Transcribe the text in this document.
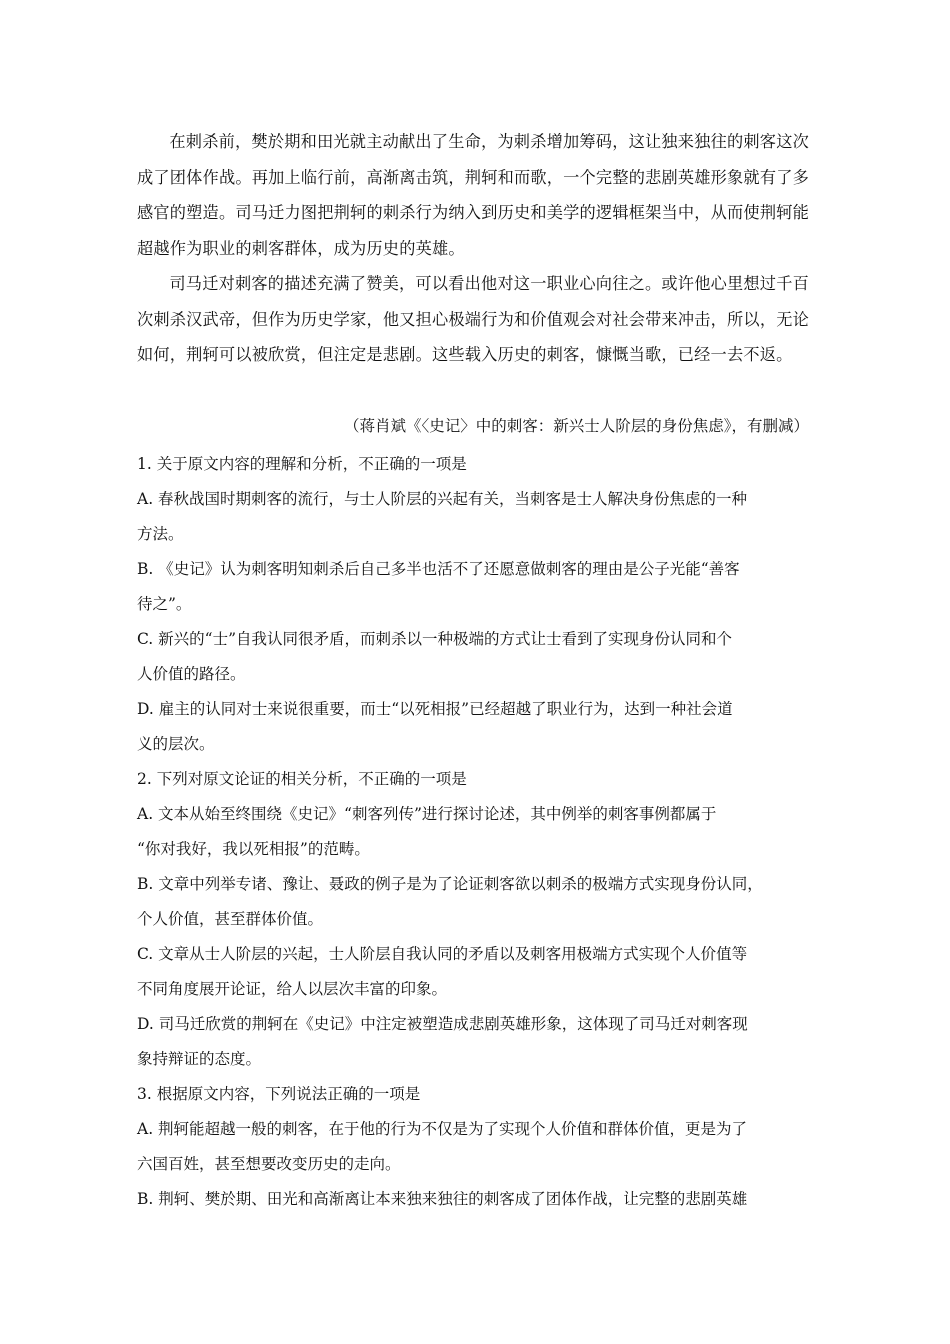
在刺杀前，樊於期和田光就主动献出了生命，为刺杀增加筹码，这让独来独往的刺客这次成了团体作战。再加上临行前，高渐离击筑，荆轲和而歌，一个完整的悲剧英雄形象就有了多感官的塑造。司马迁力图把荆轲的刺杀行为纳入到历史和美学的逻辑框架当中，从而使荆轲能超越作为职业的刺客群体，成为历史的英雄。

司马迁对刺客的描述充满了赞美，可以看出他对这一职业心向往之。或许他心里想过千百次刺杀汉武帝，但作为历史学家，他又担心极端行为和价值观会对社会带来冲击，所以，无论如何，荆轲可以被欣赏，但注定是悲剧。这些载入历史的刺客，慷慨当歌，已经一去不返。

（蒋肖斌《〈史记〉中的刺客：新兴士人阶层的身份焦虑》，有删减）
1. 关于原文内容的理解和分析，不正确的一项是
A. 春秋战国时期刺客的流行，与士人阶层的兴起有关，当刺客是士人解决身份焦虑的一种
方法。
B. 《史记》认为刺客明知刺杀后自己多半也活不了还愿意做刺客的理由是公子光能“善客
待之”。
C. 新兴的“士”自我认同很矛盾，而刺杀以一种极端的方式让士看到了实现身份认同和个
人价值的路径。
D. 雇主的认同对士来说很重要，而士“以死相报”已经超越了职业行为，达到一种社会道
义的层次。
2. 下列对原文论证的相关分析，不正确的一项是
A. 文本从始至终围绕《史记》“刺客列传”进行探讨论述，其中例举的刺客事例都属于
“你对我好，我以死相报”的范畴。
B. 文章中列举专诸、豫让、聂政的例子是为了论证刺客欲以刺杀的极端方式实现身份认同，
个人价值，甚至群体价值。
C. 文章从士人阶层的兴起，士人阶层自我认同的矛盾以及刺客用极端方式实现个人价值等
不同角度展开论证，给人以层次丰富的印象。
D. 司马迁欣赏的荆轲在《史记》中注定被塑造成悲剧英雄形象，这体现了司马迁对刺客现
象持辩证的态度。
3. 根据原文内容，下列说法正确的一项是
A. 荆轲能超越一般的刺客，在于他的行为不仅是为了实现个人价值和群体价值，更是为了
六国百姓，甚至想要改变历史的走向。
B. 荆轲、樊於期、田光和高渐离让本来独来独往的刺客成了团体作战，让完整的悲剧英雄
